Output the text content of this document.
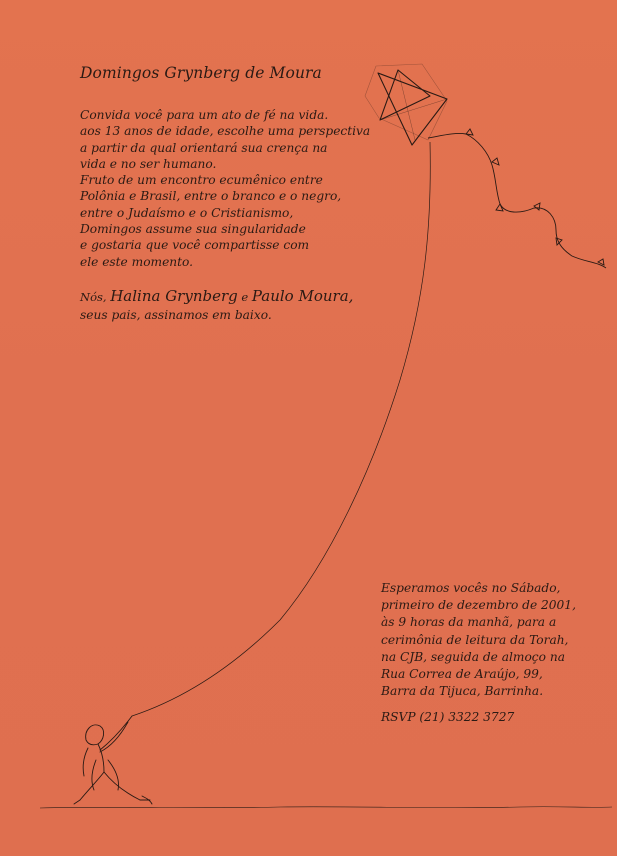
Domingos Grynberg de Moura
Convida você para um ato de fé na vida.
aos 13 anos de idade, escolhe uma perspectiva
a partir da qual orientará sua crença na
vida e no ser humano.
Fruto de um encontro ecumênico entre
Polônia e Brasil, entre o branco e o negro,
entre o Judaísmo e o Cristianismo,
Domingos assume sua singularidade
e gostaria que você compartisse com
ele este momento.
Nós, Halina Grynberg e Paulo Moura,
seus pais, assinamos em baixo.
Esperamos vocês no Sábado,
primeiro de dezembro de 2001,
às 9 horas da manhã, para a
cerimônia de leitura da Torah,
na CJB, seguida de almoço na
Rua Correa de Araújo, 99,
Barra da Tijuca, Barrinha.
RSVP (21) 3322 3727
